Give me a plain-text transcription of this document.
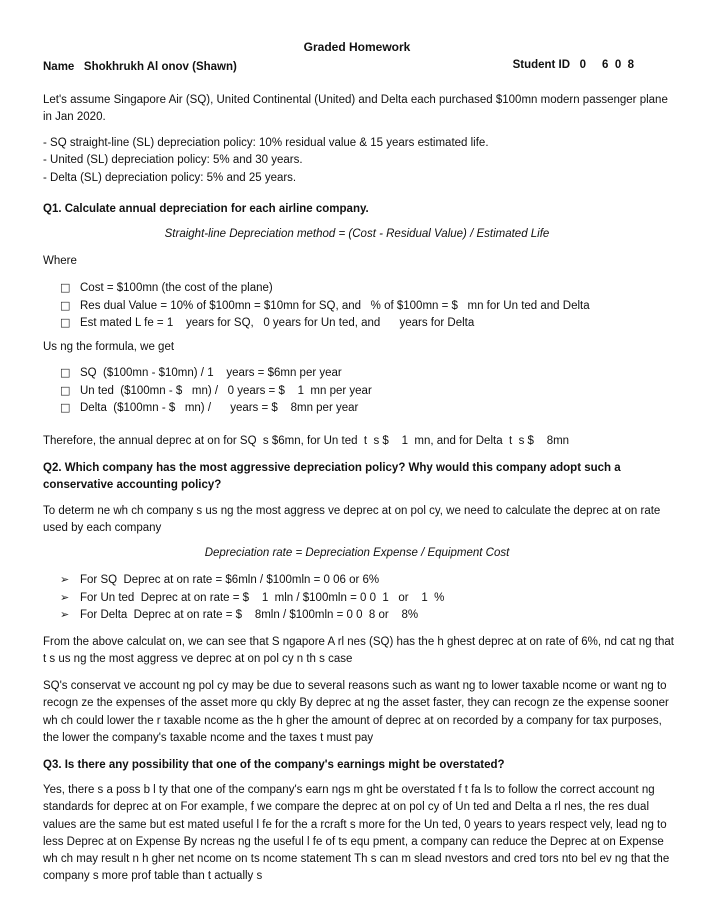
Graded Homework
Name Shokhrukh Al onov (Shawn)	Student ID 0     6  0  8
Let's assume Singapore Air (SQ), United Continental (United) and Delta each purchased $100mn modern passenger plane in Jan 2020.
- SQ straight-line (SL) depreciation policy: 10% residual value & 15 years estimated life.
- United (SL) depreciation policy: 5% and 30 years.
- Delta (SL) depreciation policy: 5% and 25 years.
Q1. Calculate annual depreciation for each airline company.
Straight-line Depreciation method = (Cost - Residual Value) / Estimated Life
Where
□ Cost = $100mn (the cost of the plane)
□ Res dual Value = 10% of $100mn = $10mn for SQ, and   % of $100mn = $   mn for Un ted and Delta
□ Est mated L fe = 1    years for SQ,   0 years for Un ted, and      years for Delta
Us ng the formula, we get
□ SQ  ($100mn - $10mn) / 1    years = $6mn per year
□ Un ted  ($100mn - $   mn) /   0 years = $    1  mn per year
□ Delta  ($100mn - $   mn) /      years = $    8mn per year
Therefore, the annual deprec at on for SQ  s $6mn, for Un ted  t  s $    1  mn, and for Delta  t  s $    8mn
Q2. Which company has the most aggressive depreciation policy? Why would this company adopt such a conservative accounting policy?
To determ ne wh ch company s us ng the most aggress ve deprec at on pol cy, we need to calculate the deprec at on rate used by each company
Depreciation rate = Depreciation Expense / Equipment Cost
➢ For SQ  Deprec at on rate = $6mln / $100mln = 0 06 or 6%
➢ For Un ted  Deprec at on rate = $    1  mln / $100mln = 0 0  1   or    1  %
➢ For Delta  Deprec at on rate = $    8mln / $100mln = 0 0  8 or    8%
From the above calculat on, we can see that S ngapore A rl nes (SQ) has the h ghest deprec at on rate of 6%, nd cat ng that t s us ng the most aggress ve deprec at on pol cy n th s case
SQ's conservat ve account ng pol cy may be due to several reasons such as want ng to lower taxable ncome or want ng to recogn ze the expenses of the asset more qu ckly By deprec at ng the asset faster, they can recogn ze the expense sooner wh ch could lower the r taxable ncome as the h gher the amount of deprec at on recorded by a company for tax purposes, the lower the company's taxable ncome and the taxes t must pay
Q3. Is there any possibility that one of the company's earnings might be overstated?
Yes, there s a poss b l ty that one of the company's earn ngs m ght be overstated f t fa ls to follow the correct account ng standards for deprec at on For example, f we compare the deprec at on pol cy of Un ted and Delta a rl nes, the res dual values are the same but est mated useful l fe for the a rcraft s more for the Un ted, 0 years to years respect vely, lead ng to less Deprec at on Expense By ncreas ng the useful l fe of ts equ pment, a company can reduce the Deprec at on Expense wh ch may result n h gher net ncome on ts ncome statement Th s can m slead nvestors and cred tors nto bel ev ng that the company s more prof table than t actually s
